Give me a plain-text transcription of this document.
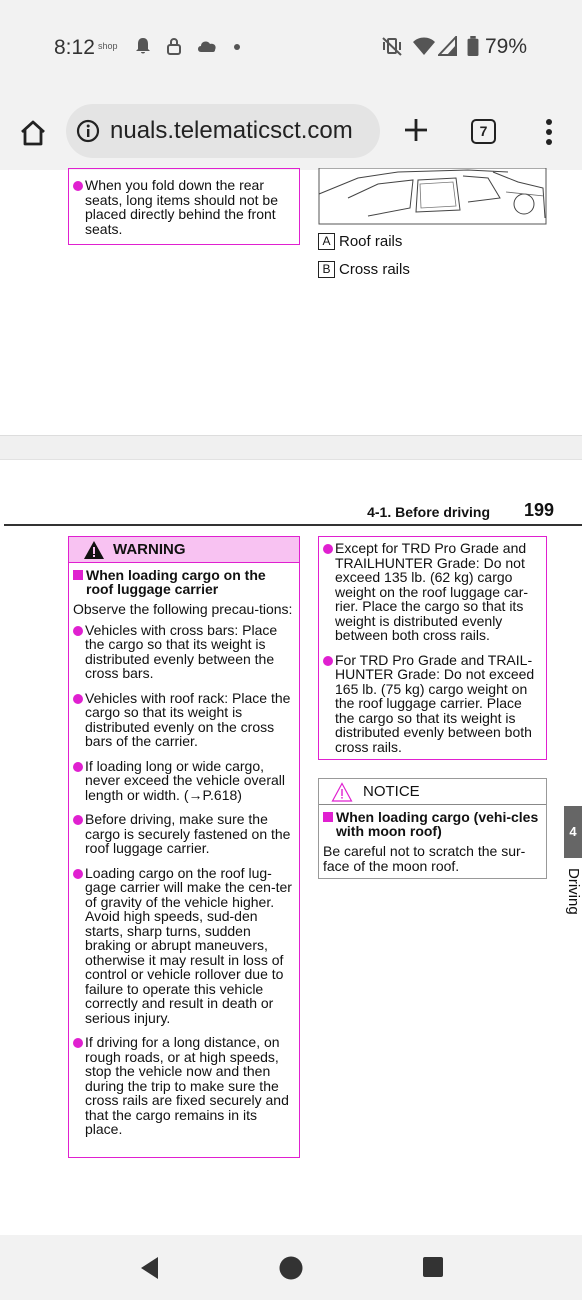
8:12 shop	79%
nuals.telematicsct.com	7
When you fold down the rear seats, long items should not be placed directly behind the front seats.
A Roof rails
B Cross rails
4-1. Before driving 199
WARNING
When loading cargo on the roof luggage carrier
Observe the following precau-tions:
Vehicles with cross bars: Place the cargo so that its weight is distributed evenly between the cross bars.
Vehicles with roof rack: Place the cargo so that its weight is distributed evenly on the cross bars of the carrier.
If loading long or wide cargo, never exceed the vehicle overall length or width. (→P.618)
Before driving, make sure the cargo is securely fastened on the roof luggage carrier.
Loading cargo on the roof lug-gage carrier will make the cen-ter of gravity of the vehicle higher. Avoid high speeds, sud-den starts, sharp turns, sudden braking or abrupt maneuvers, otherwise it may result in loss of control or vehicle rollover due to failure to operate this vehicle correctly and result in death or serious injury.
If driving for a long distance, on rough roads, or at high speeds, stop the vehicle now and then during the trip to make sure the cross rails are fixed securely and that the cargo remains in its place.
Except for TRD Pro Grade and TRAILHUNTER Grade: Do not exceed 135 lb. (62 kg) cargo weight on the roof luggage car-rier. Place the cargo so that its weight is distributed evenly between both cross rails.
For TRD Pro Grade and TRAIL-HUNTER Grade: Do not exceed 165 lb. (75 kg) cargo weight on the roof luggage carrier. Place the cargo so that its weight is distributed evenly between both cross rails.
NOTICE
When loading cargo (vehi-cles with moon roof)
Be careful not to scratch the sur-face of the moon roof.
4
Driving
